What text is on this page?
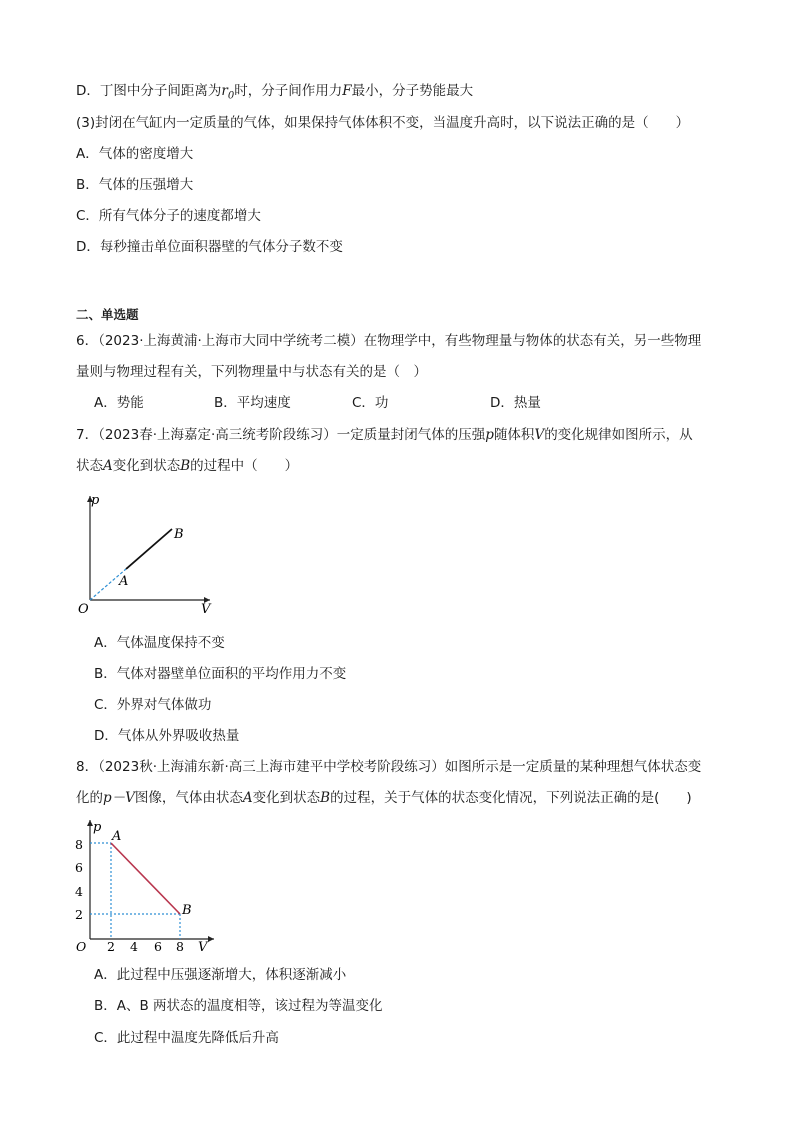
D．丁图中分子间距离为$r_0$时，分子间作用力F最小，分子势能最大
(3)封闭在气缸内一定质量的气体，如果保持气体体积不变，当温度升高时，以下说法正确的是（　　）
A．气体的密度增大
B．气体的压强增大
C．所有气体分子的速度都增大
D．每秒撞击单位面积器壁的气体分子数不变
二、单选题
6．（2023·上海黄浦·上海市大同中学统考二模）在物理学中，有些物理量与物体的状态有关，另一些物理
量则与物理过程有关，下列物理量中与状态有关的是（　）
A．势能	B．平均速度	C．功	D．热量
7．（2023春·上海嘉定·高三统考阶段练习）一定质量封闭气体的压强p随体积V的变化规律如图所示，从
状态A变化到状态B的过程中（　　）
p
V
O
A
B
A．气体温度保持不变
B．气体对器壁单位面积的平均作用力不变
C．外界对气体做功
D．气体从外界吸收热量
8．（2023秋·上海浦东新·高三上海市建平中学校考阶段练习）如图所示是一定质量的某种理想气体状态变
化的p－V图像，气体由状态A变化到状态B的过程，关于气体的状态变化情况，下列说法正确的是(　　)
8
6
4
2
2 4 6 8
O
p
V
A
B
A．此过程中压强逐渐增大，体积逐渐减小
B．A、B 两状态的温度相等，该过程为等温变化
C．此过程中温度先降低后升高
